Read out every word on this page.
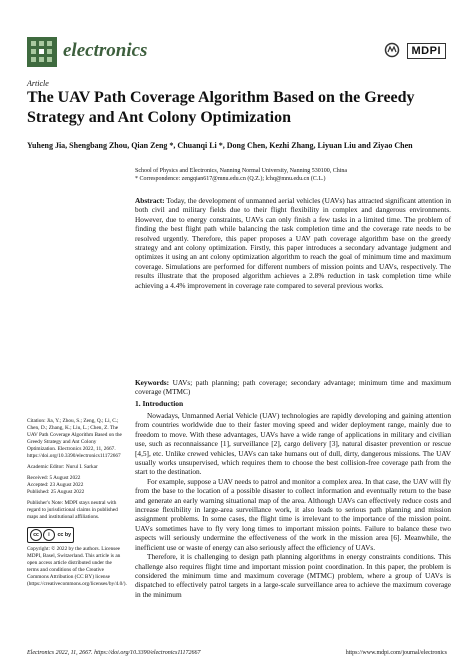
electronics	MDPI
Article
The UAV Path Coverage Algorithm Based on the Greedy Strategy and Ant Colony Optimization
Yuheng Jia, Shengbang Zhou, Qian Zeng *, Chuanqi Li *, Dong Chen, Kezhi Zhang, Liyuan Liu and Ziyao Chen
School of Physics and Electronics, Nanning Normal University, Nanning 530100, China
* Correspondence: zengqian617@mnu.edu.cn (Q.Z.); lchq@mnu.edu.cn (C.L.)
Abstract: Today, the development of unmanned aerial vehicles (UAVs) has attracted significant attention in both civil and military fields due to their flight flexibility in complex and dangerous environments. However, due to energy constraints, UAVs can only finish a few tasks in a limited time. The problem of finding the best flight path while balancing the task completion time and the coverage rate needs to be resolved urgently. Therefore, this paper proposes a UAV path coverage algorithm base on the greedy strategy and ant colony optimization. Firstly, this paper introduces a secondary advantage judgment and optimizes it using an ant colony optimization algorithm to reach the goal of minimum time and maximum coverage. Simulations are performed for different numbers of mission points and UAVs, respectively. The results illustrate that the proposed algorithm achieves a 2.8% reduction in task completion time while achieving a 4.4% improvement in coverage rate compared to several previous works.
Keywords: UAVs; path planning; path coverage; secondary advantage; minimum time and maximum coverage (MTMC)
1. Introduction

Nowadays, Unmanned Aerial Vehicle (UAV) technologies are rapidly developing and gaining attention from countries worldwide due to their faster moving speed and wider deployment range, mainly due to freedom to move. With these advantages, UAVs have a wide range of applications in military and civilian use, such as reconnaissance [1], surveillance [2], cargo delivery [3], natural disaster prevention or rescue [4,5], etc. Unlike crewed vehicles, UAVs can take humans out of dull, dirty, dangerous missions. The UAV usually works unsupervised, which requires them to choose the best collision-free coverage path from the start to the destination.

For example, suppose a UAV needs to patrol and monitor a complex area. In that case, the UAV will fly from the base to the location of a possible disaster to collect information and eventually return to the base and generate an early warning situational map of the area. Although UAVs can effectively reduce costs and increase flexibility in large-area surveillance work, it also leads to serious path planning and mission assignment problems. In some cases, the flight time is irrelevant to the importance of the mission point. UAVs sometimes have to fly very long times to important mission points. Failure to balance these two aspects will seriously undermine the effectiveness of the work in the mission area [6]. Meanwhile, the inefficient use or waste of energy can also seriously affect the efficiency of UAVs.

Therefore, it is challenging to design path planning algorithms in energy constraints conditions. This challenge also requires flight time and important mission point coordination. In this paper, the problem is considered the minimum time and maximum coverage (MTMC) problem, where a group of UAVs is dispatched to effectively patrol targets in a large-scale surveillance area to achieve the maximum coverage in the minimum

Citation: Jia, Y.; Zhou, S.; Zeng, Q.; Li, C.; Chen, D.; Zhang, K.; Liu, L.; Chen, Z. The UAV Path Coverage Algorithm Based on the Greedy Strategy and Ant Colony Optimization. Electronics 2022, 11, 2667. https://doi.org/10.3390/electronics11172667

Academic Editor: Nurul I. Sarkar

Received: 5 August 2022

Accepted: 23 August 2022

Published: 25 August 2022

Publisher's Note: MDPI stays neutral with regard to jurisdictional claims in published maps and institutional affiliations.

cc i cc by

Copyright: © 2022 by the authors. Licensee MDPI, Basel, Switzerland. This article is an open access article distributed under the terms and conditions of the Creative Commons Attribution (CC BY) license (https://creativecommons.org/licenses/by/4.0/).

Electronics 2022, 11, 2667. https://doi.org/10.3390/electronics11172667	https://www.mdpi.com/journal/electronics
